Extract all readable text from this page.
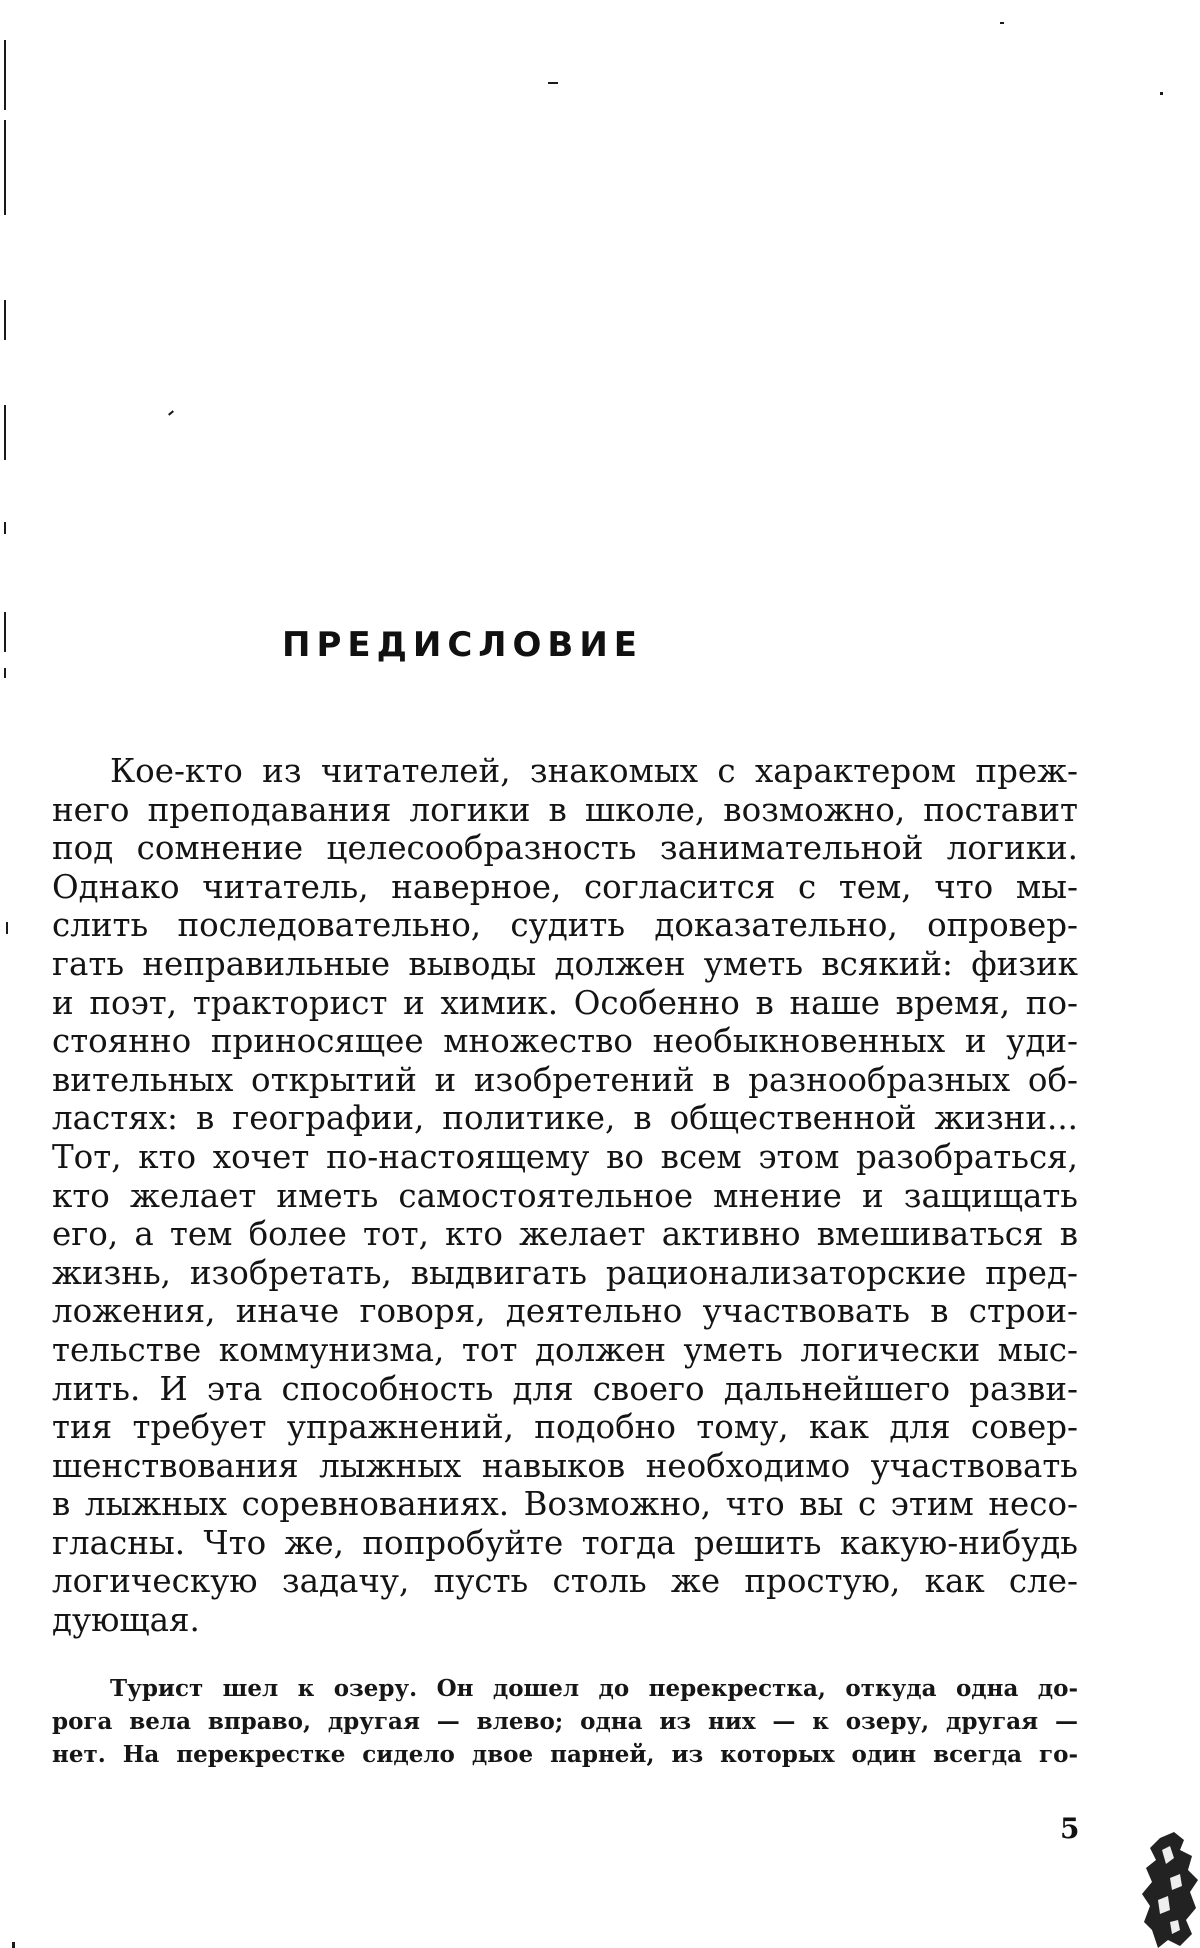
ПРЕДИСЛОВИЕ
Кое-кто из читателей, знакомых с характером преж-
него преподавания логики в школе, возможно, поставит
под сомнение целесообразность занимательной логики.
Однако читатель, наверное, согласится с тем, что мы-
слить последовательно, судить доказательно, опровер-
гать неправильные выводы должен уметь всякий: физик
и поэт, тракторист и химик. Особенно в наше время, по-
стоянно приносящее множество необыкновенных и уди-
вительных открытий и изобретений в разнообразных об-
ластях: в географии, политике, в общественной жизни...
Тот, кто хочет по-настоящему во всем этом разобраться,
кто желает иметь самостоятельное мнение и защищать
его, а тем более тот, кто желает активно вмешиваться в
жизнь, изобретать, выдвигать рационализаторские пред-
ложения, иначе говоря, деятельно участвовать в строи-
тельстве коммунизма, тот должен уметь логически мыс-
лить. И эта способность для своего дальнейшего разви-
тия требует упражнений, подобно тому, как для совер-
шенствования лыжных навыков необходимо участвовать
в лыжных соревнованиях. Возможно, что вы с этим несо-
гласны. Что же, попробуйте тогда решить какую-нибудь
логическую задачу, пусть столь же простую, как сле-
дующая.
Турист шел к озеру. Он дошел до перекрестка, откуда одна до-
рога вела вправо, другая — влево; одна из них — к озеру, другая —
нет. На перекрестке сидело двое парней, из которых один всегда го-
5
